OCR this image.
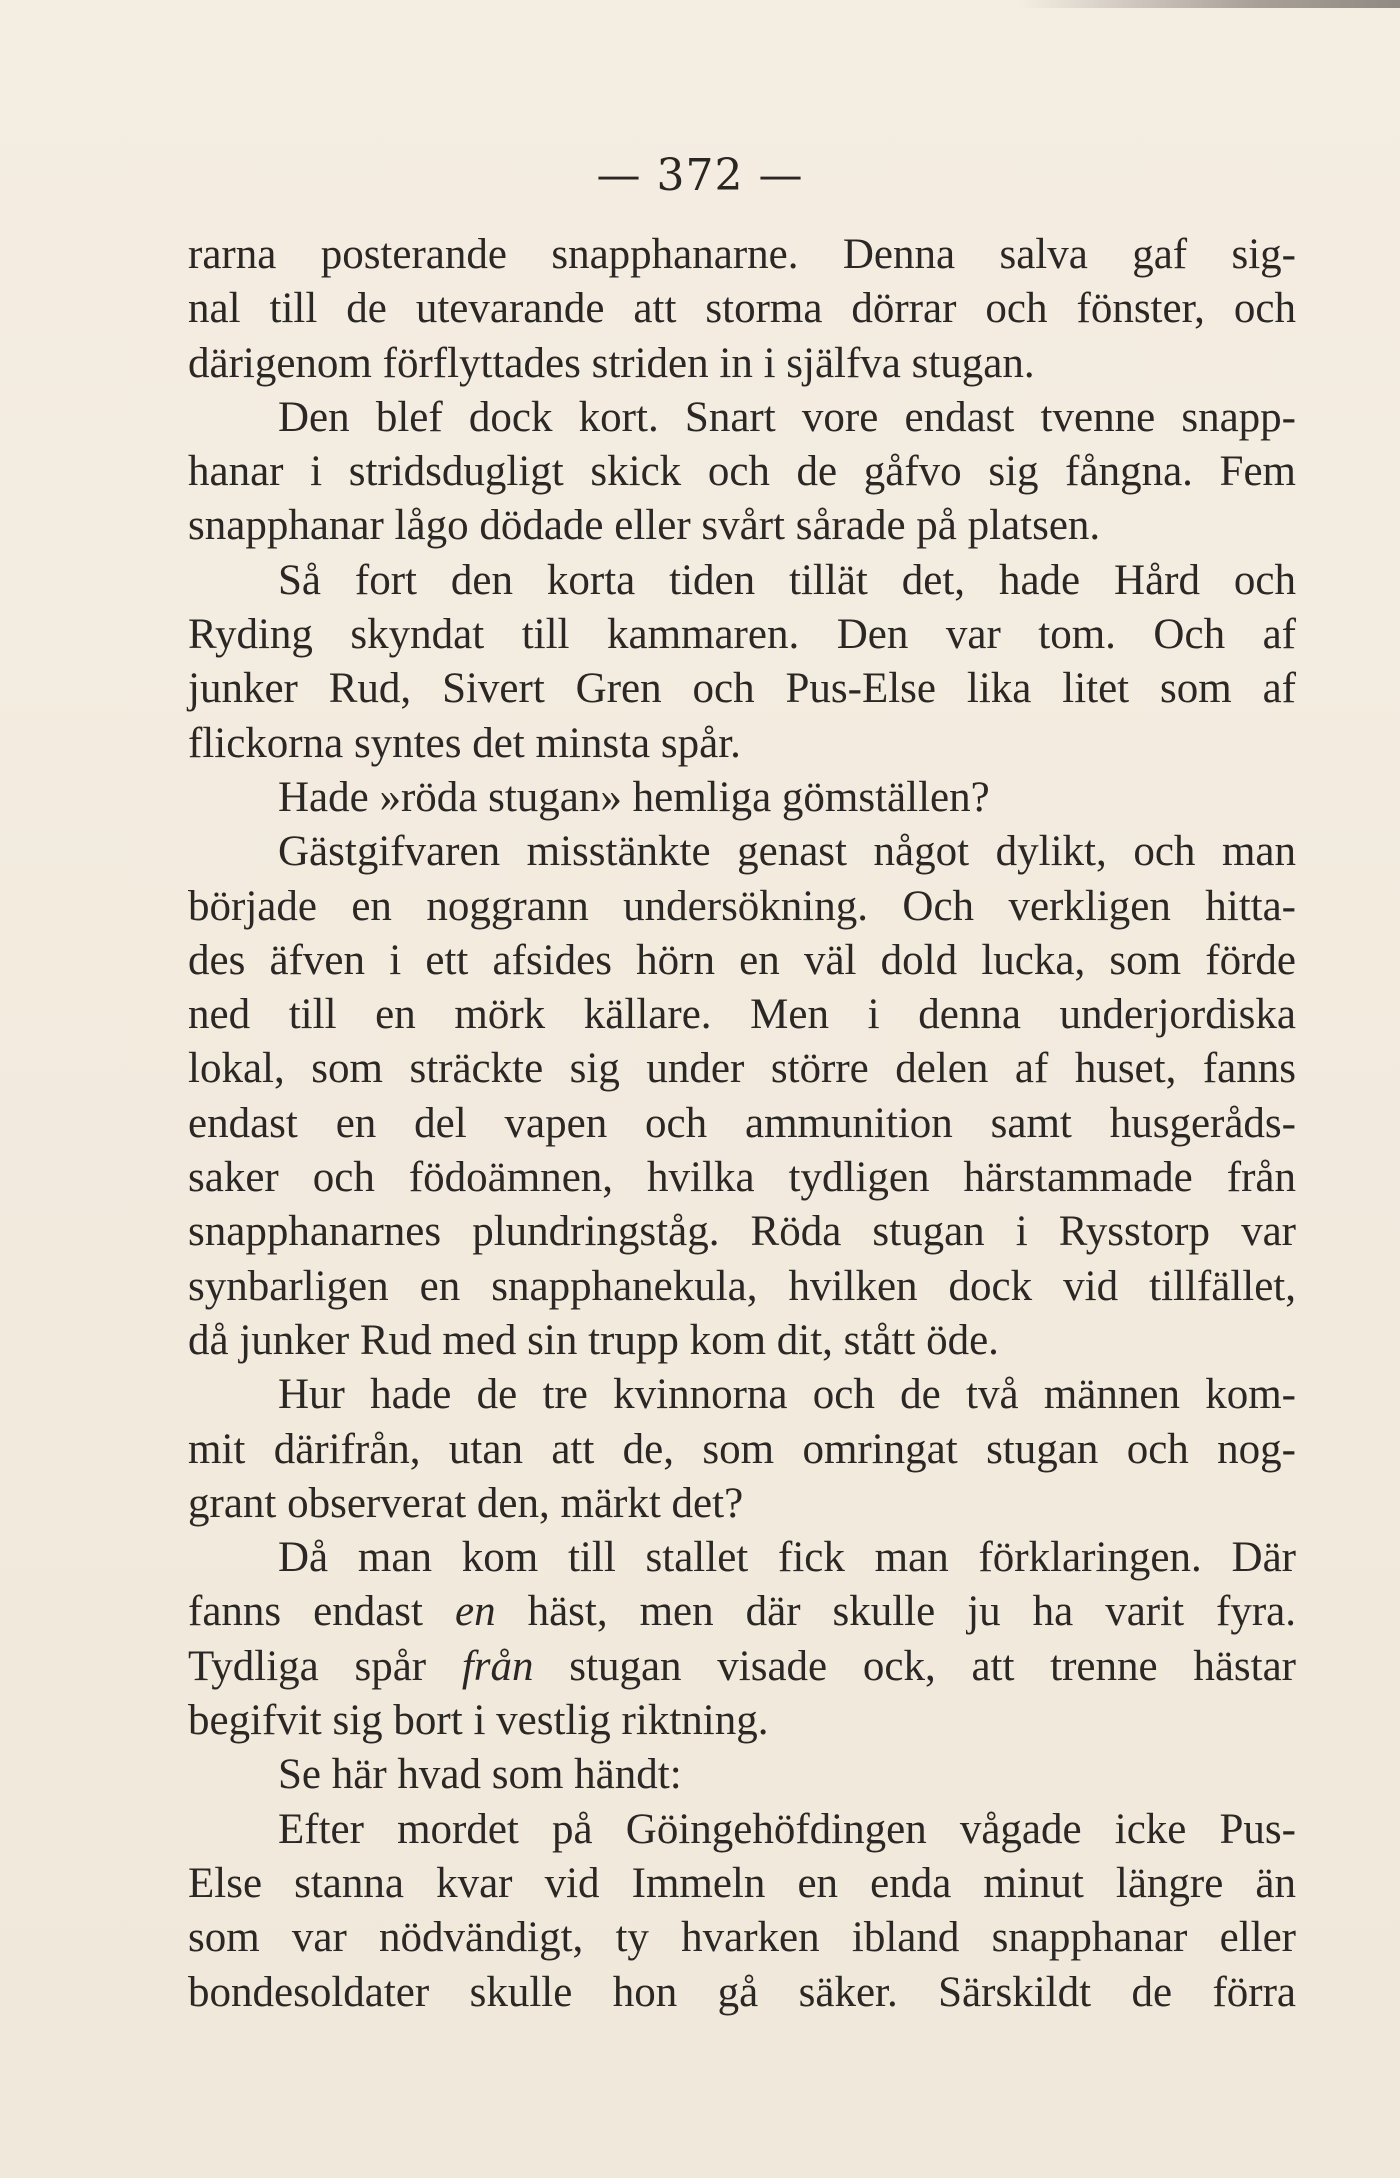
— 372 —
rarna posterande snapphanarne. Denna salva gaf sig-
nal till de utevarande att storma dörrar och fönster, och
därigenom förflyttades striden in i själfva stugan.
Den blef dock kort. Snart vore endast tvenne snapp-
hanar i stridsdugligt skick och de gåfvo sig fångna. Fem
snapphanar lågo dödade eller svårt sårade på platsen.
Så fort den korta tiden tillät det, hade Hård och
Ryding skyndat till kammaren. Den var tom. Och af
junker Rud, Sivert Gren och Pus-Else lika litet som af
flickorna syntes det minsta spår.
Hade »röda stugan» hemliga gömställen?
Gästgifvaren misstänkte genast något dylikt, och man
började en noggrann undersökning. Och verkligen hitta-
des äfven i ett afsides hörn en väl dold lucka, som förde
ned till en mörk källare. Men i denna underjordiska
lokal, som sträckte sig under större delen af huset, fanns
endast en del vapen och ammunition samt husgeråds-
saker och födoämnen, hvilka tydligen härstammade från
snapphanarnes plundringståg. Röda stugan i Rysstorp var
synbarligen en snapphanekula, hvilken dock vid tillfället,
då junker Rud med sin trupp kom dit, stått öde.
Hur hade de tre kvinnorna och de två männen kom-
mit därifrån, utan att de, som omringat stugan och nog-
grant observerat den, märkt det?
Då man kom till stallet fick man förklaringen. Där
fanns endast en häst, men där skulle ju ha varit fyra.
Tydliga spår från stugan visade ock, att trenne hästar
begifvit sig bort i vestlig riktning.
Se här hvad som händt:
Efter mordet på Göingehöfdingen vågade icke Pus-
Else stanna kvar vid Immeln en enda minut längre än
som var nödvändigt, ty hvarken ibland snapphanar eller
bondesoldater skulle hon gå säker. Särskildt de förra
